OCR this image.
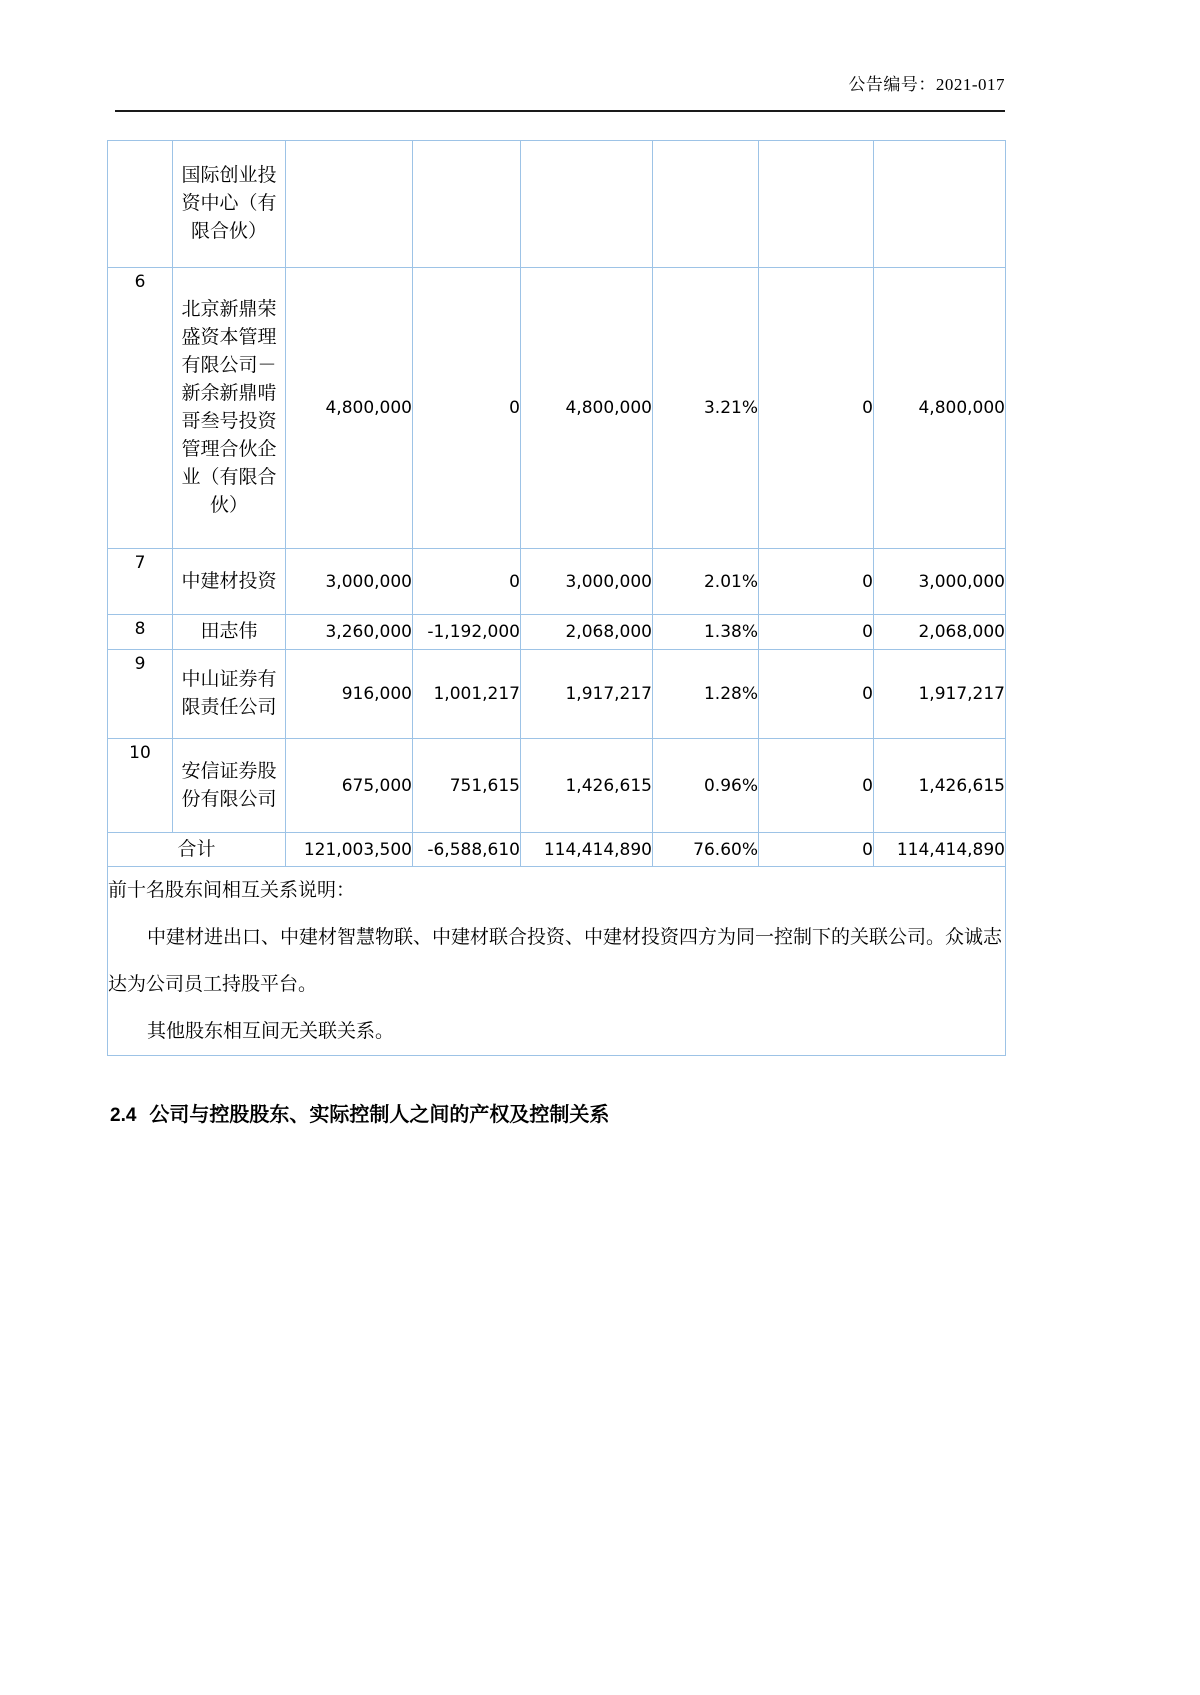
公告编号：2021-017
	国际创业投资中心（有限合伙）						
6	北京新鼎荣盛资本管理有限公司－新余新鼎啃哥叁号投资管理合伙企业（有限合伙）	4,800,000	0	4,800,000	3.21%	0	4,800,000
7	中建材投资	3,000,000	0	3,000,000	2.01%	0	3,000,000
8	田志伟	3,260,000	-1,192,000	2,068,000	1.38%	0	2,068,000
9	中山证券有限责任公司	916,000	1,001,217	1,917,217	1.28%	0	1,917,217
10	安信证券股份有限公司	675,000	751,615	1,426,615	0.96%	0	1,426,615
合计		121,003,500	-6,588,610	114,414,890	76.60%	0	114,414,890

前十名股东间相互关系说明：

中建材进出口、中建材智慧物联、中建材联合投资、中建材投资四方为同一控制下的关联公司。众诚志达为公司员工持股平台。

其他股东相互间无关联关系。							

2.4 公司与控股股东、实际控制人之间的产权及控制关系
